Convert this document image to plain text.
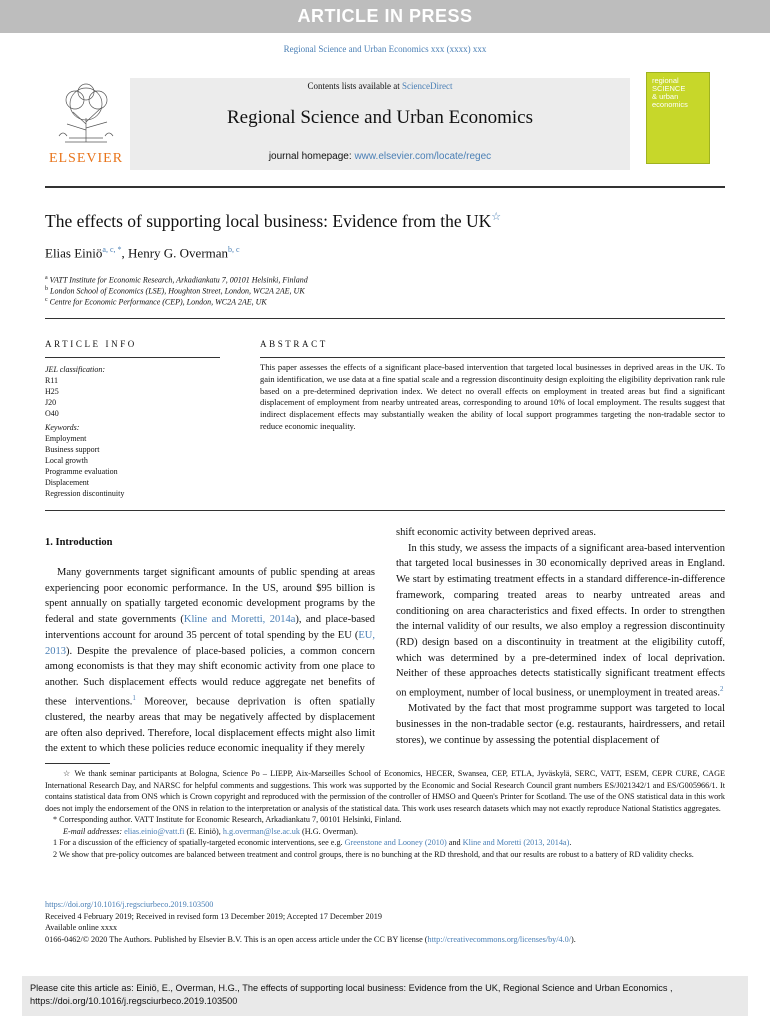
ARTICLE IN PRESS
Regional Science and Urban Economics xxx (xxxx) xxx
ELSEVIER
Contents lists available at ScienceDirect
Regional Science and Urban Economics
journal homepage: www.elsevier.com/locate/regec
regional
SCIENCE
& urban
economics
The effects of supporting local business: Evidence from the UK☆
Elias Einiö$^{a, c, *}$, Henry G. Overman$^{b, c}$
$^a$ VATT Institute for Economic Research, Arkadiankatu 7, 00101 Helsinki, Finland
$^b$ London School of Economics (LSE), Houghton Street, London, WC2A 2AE, UK
$^c$ Centre for Economic Performance (CEP), London, WC2A 2AE, UK
ARTICLE INFO
JEL classification:
R11
H25
J20
O40
Keywords:
Employment
Business support
Local growth
Programme evaluation
Displacement
Regression discontinuity
ABSTRACT
This paper assesses the effects of a significant place-based intervention that targeted local businesses in deprived areas in the UK. To gain identification, we use data at a fine spatial scale and a regression discontinuity design exploiting the eligibility deprivation rank rule based on a pre-determined deprivation index. We detect no overall effects on employment in treated areas but find a significant displacement of employment from nearby untreated areas, corresponding to around 10% of local employment. The results suggest that indirect displacement effects may substantially weaken the ability of local support programmes targeting the non-tradable sector to reduce economic inequality.
1. Introduction

Many governments target significant amounts of public spending at areas experiencing poor economic performance. In the US, around $95 billion is spent annually on spatially targeted economic development programs by the federal and state governments (Kline and Moretti, 2014a), and place-based interventions account for around 35 percent of total spending by the EU (EU, 2013). Despite the prevalence of place-based policies, a common concern among economists is that they may shift economic activity from one place to another. Such displacement effects would reduce aggregate net benefits of these interventions.$^1$ Moreover, because deprivation is often spatially clustered, the nearby areas that may be negatively affected by displacement are often also deprived. Therefore, local displacement effects might also limit the extent to which these policies reduce economic inequality if they merely

shift economic activity between deprived areas.

In this study, we assess the impacts of a significant area-based intervention that targeted local businesses in 30 economically deprived areas in England. We start by estimating treatment effects in a standard difference-in-difference framework, comparing treated areas to nearby untreated areas and conditioning on area characteristics and fixed effects. In order to strengthen the internal validity of our results, we also employ a regression discontinuity (RD) design based on a discontinuity in treatment at the eligibility cutoff, which was determined by a pre-determined index of local deprivation. Neither of these approaches detects statistically significant treatment effects on employment, number of local business, or unemployment in treated areas.$^2$

Motivated by the fact that most programme support was targeted to local businesses in the non-tradable sector (e.g. restaurants, hairdressers, and retail stores), we continue by assessing the potential displacement of

☆ We thank seminar participants at Bologna, Science Po – LIEPP, Aix-Marseilles School of Economics, HECER, Swansea, CEP, ETLA, Jyväskylä, SERC, VATT, ESEM, CEPR CURE, CAGE International Research Day, and NARSC for helpful comments and suggestions. This work was supported by the Economic and Social Research Council grant numbers ES/J021342/1 and ES/G005966/1. It contains statistical data from ONS which is Crown copyright and reproduced with the permission of the controller of HMSO and Queen's Printer for Scotland. The use of the ONS statistical data in this work does not imply the endorsement of the ONS in relation to the interpretation or analysis of the statistical data. This work uses research datasets which may not exactly reproduce National Statistics aggregates.
* Corresponding author. VATT Institute for Economic Research, Arkadiankatu 7, 00101 Helsinki, Finland.
E-mail addresses: elias.einio@vatt.fi (E. Einiö), h.g.overman@lse.ac.uk (H.G. Overman).
1 For a discussion of the efficiency of spatially-targeted economic interventions, see e.g. Greenstone and Looney (2010) and Kline and Moretti (2013, 2014a).
2 We show that pre-policy outcomes are balanced between treatment and control groups, there is no bunching at the RD threshold, and that our results are robust to a battery of RD validity checks.
https://doi.org/10.1016/j.regsciurbeco.2019.103500
Received 4 February 2019; Received in revised form 13 December 2019; Accepted 17 December 2019
Available online xxxx
0166-0462/© 2020 The Authors. Published by Elsevier B.V. This is an open access article under the CC BY license (http://creativecommons.org/licenses/by/4.0/).
Please cite this article as: Einiö, E., Overman, H.G., The effects of supporting local business: Evidence from the UK, Regional Science and Urban Economics , https://doi.org/10.1016/j.regsciurbeco.2019.103500
